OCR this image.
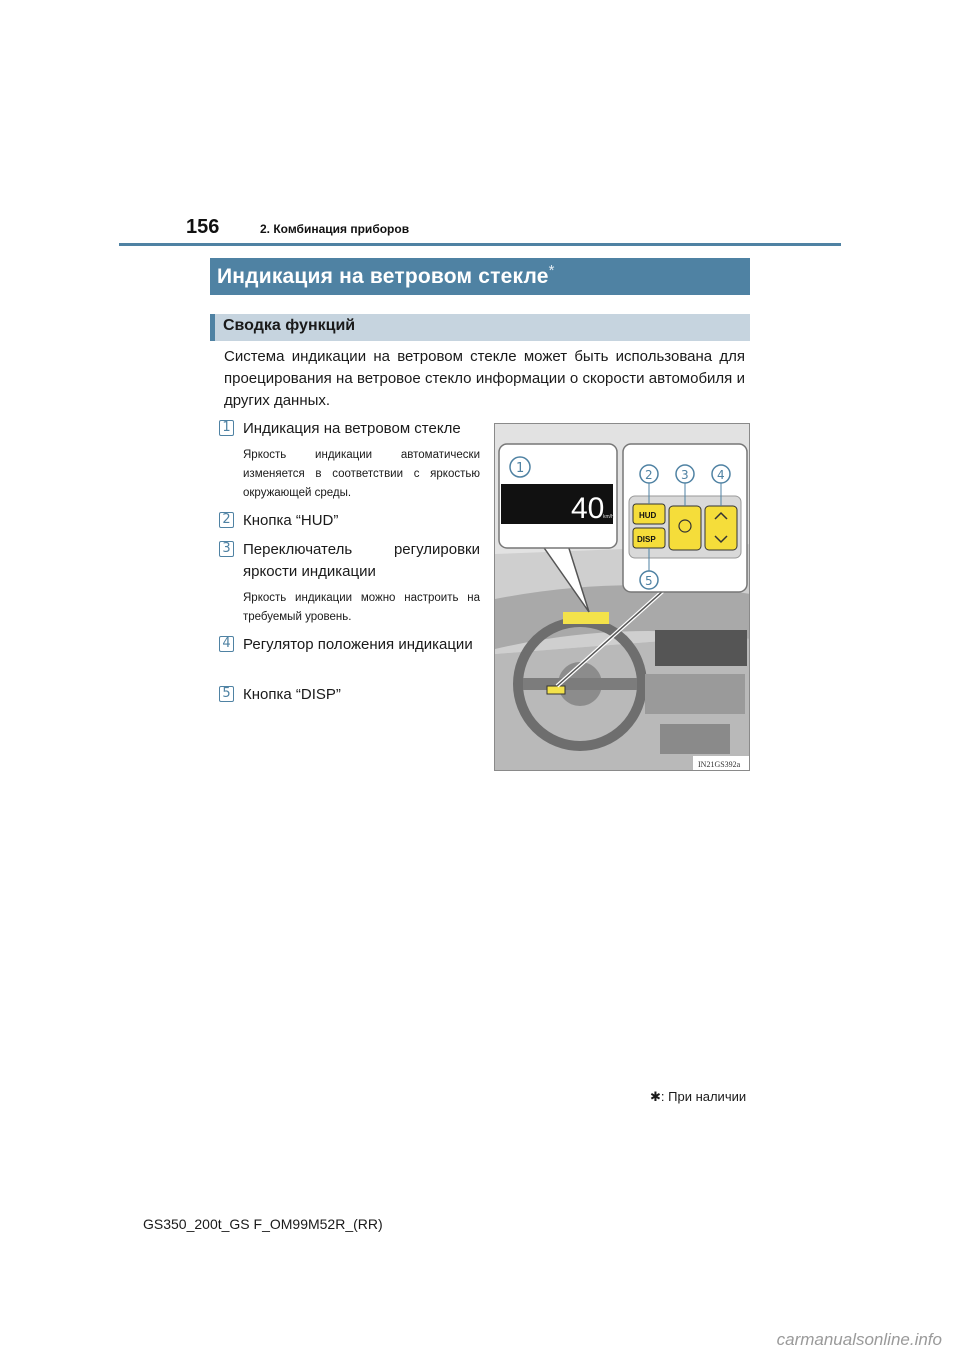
156	2. Комбинация приборов
Индикация на ветровом стекле*
Сводка функций
Система индикации на ветровом стекле может быть использована для проецирования на ветровое стекло информации о скорости автомобиля и других данных.
1 Индикация на ветровом стекле
Яркость индикации автоматически изменяется в соответствии с яркостью окружающей среды.
2 Кнопка “HUD”
3 Переключатель регулировки яркости индикации
Яркость индикации можно настроить на требуемый уровень.
4 Регулятор положения индикации
5 Кнопка “DISP”
40
km/h
1
HUD
DISP
2 3 4
5
IN21GS392a
✱: При наличии
GS350_200t_GS F_OM99M52R_(RR)
carmanualsonline.info
